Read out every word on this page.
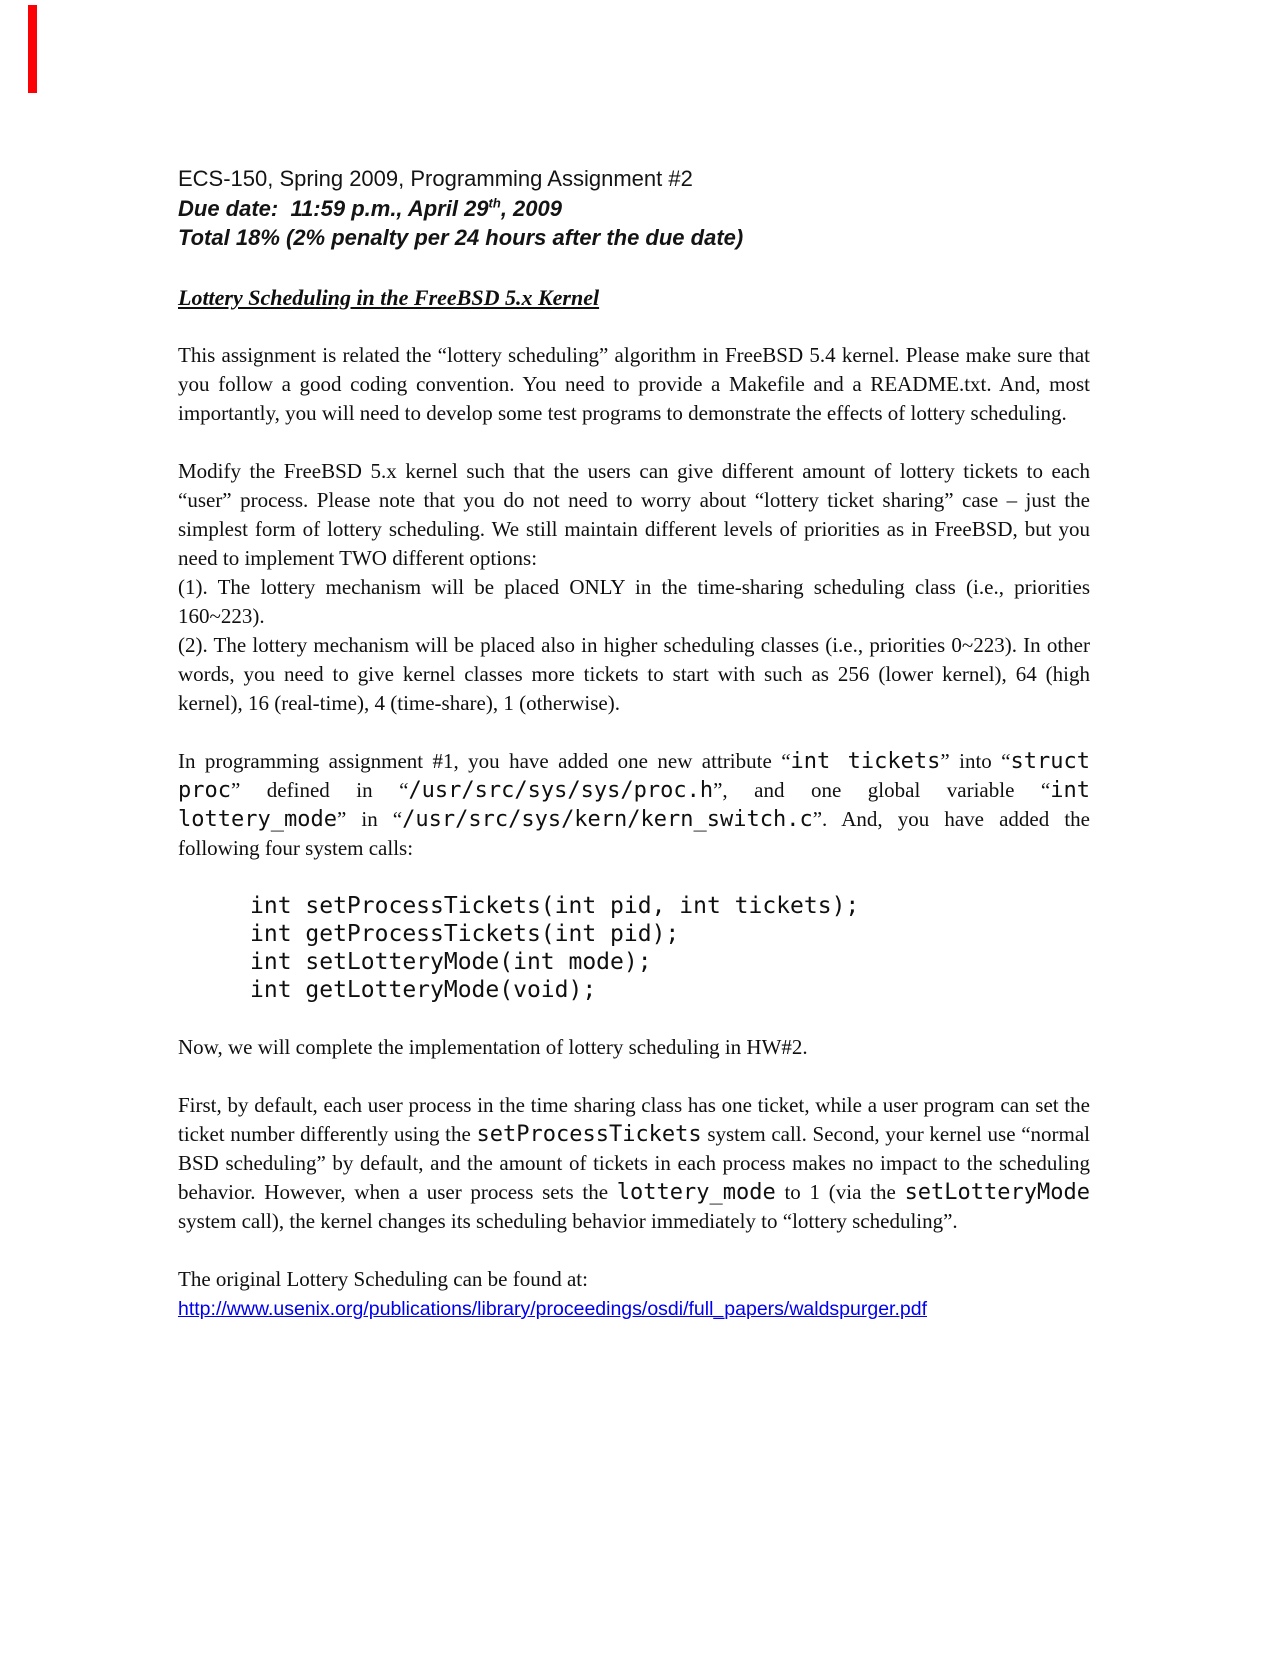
ECS-150, Spring 2009, Programming Assignment #2
Due date:  11:59 p.m., April 29th, 2009
Total 18% (2% penalty per 24 hours after the due date)
Lottery Scheduling in the FreeBSD 5.x Kernel

This assignment is related the “lottery scheduling” algorithm in FreeBSD 5.4 kernel. Please make sure that you follow a good coding convention. You need to provide a Makefile and a README.txt. And, most importantly, you will need to develop some test programs to demonstrate the effects of lottery scheduling.

Modify the FreeBSD 5.x kernel such that the users can give different amount of lottery tickets to each “user” process. Please note that you do not need to worry about “lottery ticket sharing” case – just the simplest form of lottery scheduling. We still maintain different levels of priorities as in FreeBSD, but you need to implement TWO different options:

(1). The lottery mechanism will be placed ONLY in the time-sharing scheduling class (i.e., priorities 160~223).

(2). The lottery mechanism will be placed also in higher scheduling classes (i.e., priorities 0~223). In other words, you need to give kernel classes more tickets to start with such as 256 (lower kernel), 64 (high kernel), 16 (real-time), 4 (time-share), 1 (otherwise).

In programming assignment #1, you have added one new attribute “int tickets” into “struct proc” defined in “/usr/src/sys/sys/proc.h”, and one global variable “int lottery_mode” in “/usr/src/sys/kern/kern_switch.c”. And, you have added the following four system calls:

int setProcessTickets(int pid, int tickets);
int getProcessTickets(int pid);
int setLotteryMode(int mode);
int getLotteryMode(void);

Now, we will complete the implementation of lottery scheduling in HW#2.

First, by default, each user process in the time sharing class has one ticket, while a user program can set the ticket number differently using the setProcessTickets system call. Second, your kernel use “normal BSD scheduling” by default, and the amount of tickets in each process makes no impact to the scheduling behavior. However, when a user process sets the lottery_mode to 1 (via the setLotteryMode system call), the kernel changes its scheduling behavior immediately to “lottery scheduling”.

The original Lottery Scheduling can be found at:

http://www.usenix.org/publications/library/proceedings/osdi/full_papers/waldspurger.pdf
